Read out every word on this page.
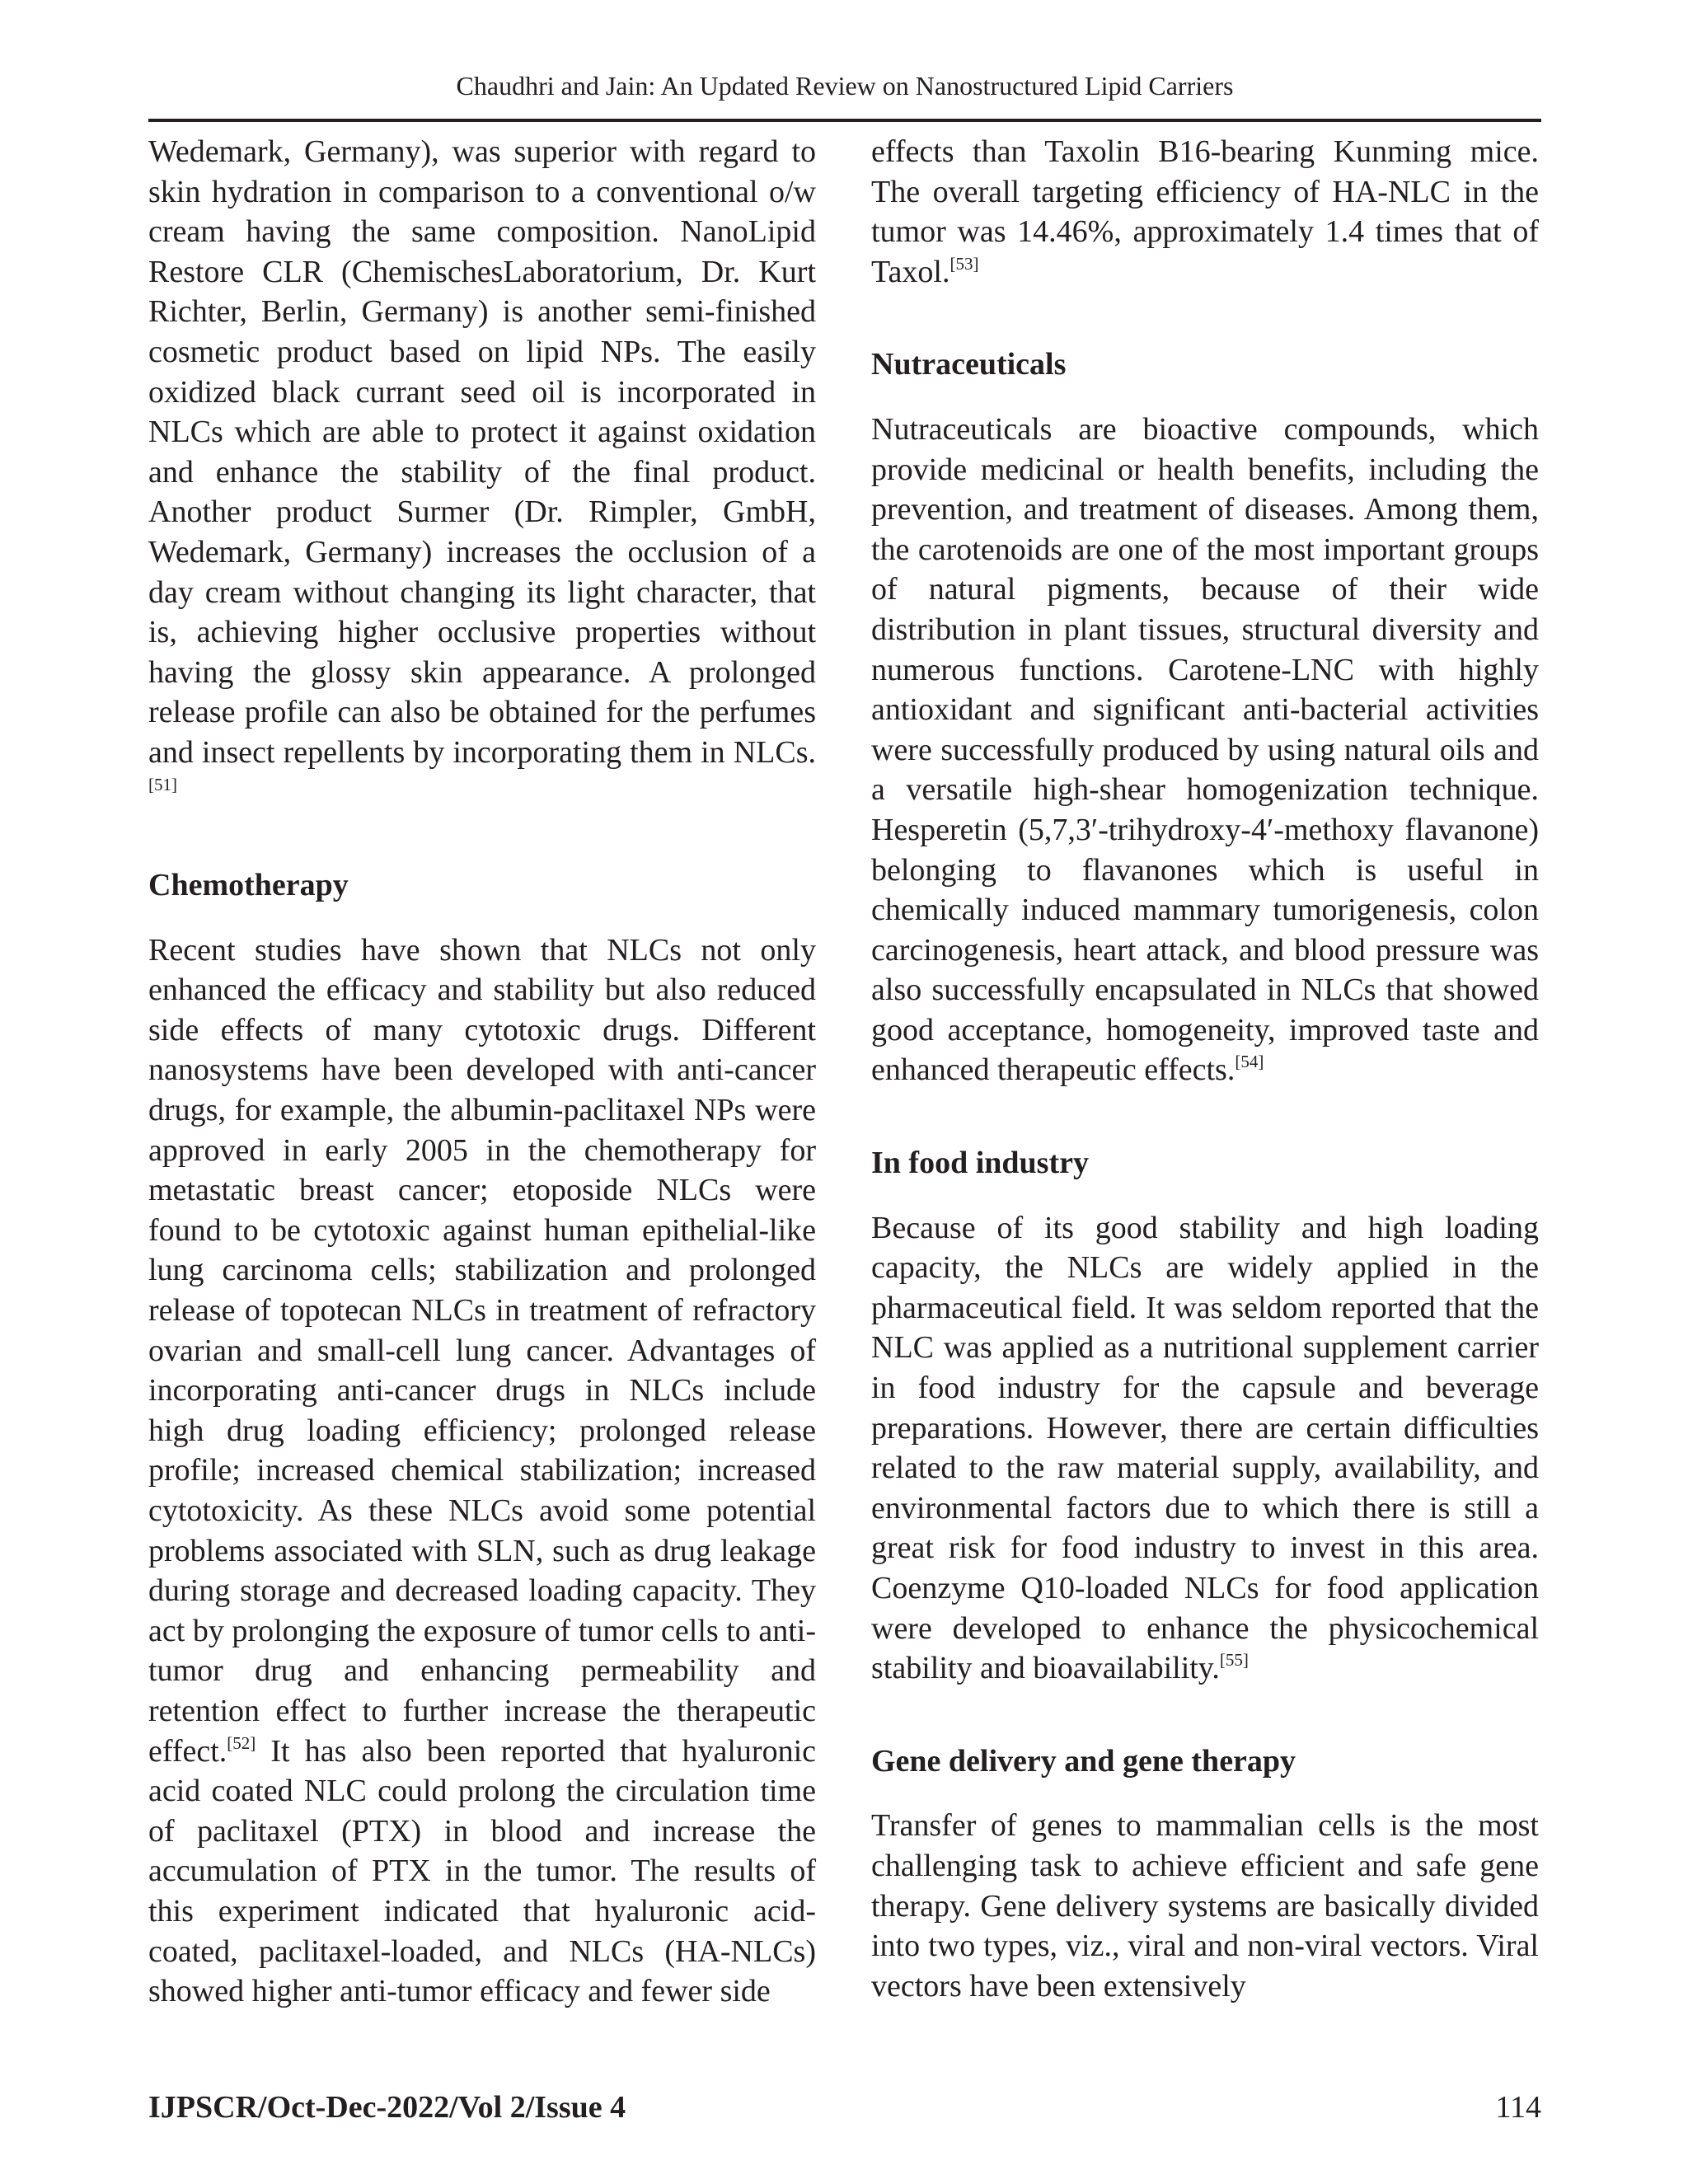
Chaudhri and Jain: An Updated Review on Nanostructured Lipid Carriers

Wedemark, Germany), was superior with regard to skin hydration in comparison to a conventional o/w cream having the same composition. NanoLipid Restore CLR (ChemischesLaboratorium, Dr. Kurt Richter, Berlin, Germany) is another semi-finished cosmetic product based on lipid NPs. The easily oxidized black currant seed oil is incorporated in NLCs which are able to protect it against oxidation and enhance the stability of the final product. Another product Surmer (Dr. Rimpler, GmbH, Wedemark, Germany) increases the occlusion of a day cream without changing its light character, that is, achieving higher occlusive properties without having the glossy skin appearance. A prolonged release profile can also be obtained for the perfumes and insect repellents by incorporating them in NLCs.[51]

Chemotherapy

Recent studies have shown that NLCs not only enhanced the efficacy and stability but also reduced side effects of many cytotoxic drugs. Different nanosystems have been developed with anti-cancer drugs, for example, the albumin-paclitaxel NPs were approved in early 2005 in the chemotherapy for metastatic breast cancer; etoposide NLCs were found to be cytotoxic against human epithelial-like lung carcinoma cells; stabilization and prolonged release of topotecan NLCs in treatment of refractory ovarian and small-cell lung cancer. Advantages of incorporating anti-cancer drugs in NLCs include high drug loading efficiency; prolonged release profile; increased chemical stabilization; increased cytotoxicity. As these NLCs avoid some potential problems associated with SLN, such as drug leakage during storage and decreased loading capacity. They act by prolonging the exposure of tumor cells to anti-tumor drug and enhancing permeability and retention effect to further increase the therapeutic effect.[52] It has also been reported that hyaluronic acid coated NLC could prolong the circulation time of paclitaxel (PTX) in blood and increase the accumulation of PTX in the tumor. The results of this experiment indicated that hyaluronic acid-coated, paclitaxel-loaded, and NLCs (HA-NLCs) showed higher anti-tumor efficacy and fewer side

effects than Taxolin B16-bearing Kunming mice. The overall targeting efficiency of HA-NLC in the tumor was 14.46%, approximately 1.4 times that of Taxol.[53]

Nutraceuticals

Nutraceuticals are bioactive compounds, which provide medicinal or health benefits, including the prevention, and treatment of diseases. Among them, the carotenoids are one of the most important groups of natural pigments, because of their wide distribution in plant tissues, structural diversity and numerous functions. Carotene-LNC with highly antioxidant and significant anti-bacterial activities were successfully produced by using natural oils and a versatile high-shear homogenization technique. Hesperetin (5,7,3′-trihydroxy-4′-methoxy flavanone) belonging to flavanones which is useful in chemically induced mammary tumorigenesis, colon carcinogenesis, heart attack, and blood pressure was also successfully encapsulated in NLCs that showed good acceptance, homogeneity, improved taste and enhanced therapeutic effects.[54]

In food industry

Because of its good stability and high loading capacity, the NLCs are widely applied in the pharmaceutical field. It was seldom reported that the NLC was applied as a nutritional supplement carrier in food industry for the capsule and beverage preparations. However, there are certain difficulties related to the raw material supply, availability, and environmental factors due to which there is still a great risk for food industry to invest in this area. Coenzyme Q10-loaded NLCs for food application were developed to enhance the physicochemical stability and bioavailability.[55]

Gene delivery and gene therapy

Transfer of genes to mammalian cells is the most challenging task to achieve efficient and safe gene therapy. Gene delivery systems are basically divided into two types, viz., viral and non-viral vectors. Viral vectors have been extensively

IJPSCR/Oct-Dec-2022/Vol 2/Issue 4	114
